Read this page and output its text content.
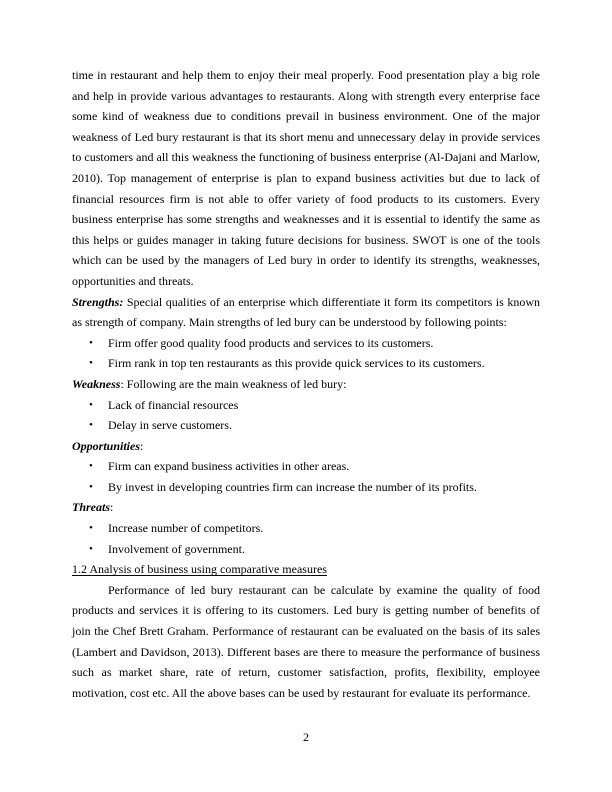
time in restaurant and help them to enjoy their meal properly. Food presentation play a big role and help in provide various advantages to restaurants. Along with strength every enterprise face some kind of weakness due to conditions prevail in business environment. One of the major weakness of Led bury restaurant is that its short menu and unnecessary delay in provide services to customers and all this weakness the functioning of business enterprise (Al-Dajani and Marlow, 2010). Top management of enterprise is plan to expand business activities but due to lack of financial resources firm is not able to offer variety of food products to its customers. Every business enterprise has some strengths and weaknesses and it is essential to identify the same as this helps or guides manager in taking future decisions for business. SWOT is one of the tools which can be used by the managers of Led bury in order to identify its strengths, weaknesses, opportunities and threats.

Strengths: Special qualities of an enterprise which differentiate it form its competitors is known as strength of company. Main strengths of led bury can be understood by following points:

• Firm offer good quality food products and services to its customers.
• Firm rank in top ten restaurants as this provide quick services to its customers.

Weakness: Following are the main weakness of led bury:

• Lack of financial resources
• Delay in serve customers.

Opportunities:

• Firm can expand business activities in other areas.
• By invest in developing countries firm can increase the number of its profits.

Threats:

• Increase number of competitors.
• Involvement of government.

1.2 Analysis of business using comparative measures

Performance of led bury restaurant can be calculate by examine the quality of food products and services it is offering to its customers. Led bury is getting number of benefits of join the Chef Brett Graham. Performance of restaurant can be evaluated on the basis of its sales (Lambert and Davidson, 2013). Different bases are there to measure the performance of business such as market share, rate of return, customer satisfaction, profits, flexibility, employee motivation, cost etc. All the above bases can be used by restaurant for evaluate its performance.

2
